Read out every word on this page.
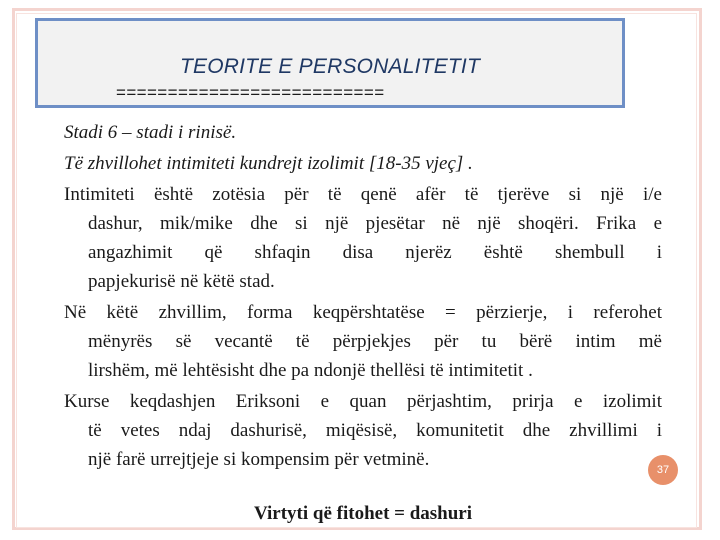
TEORITE E PERSONALITETIT
==========================
Stadi 6 – stadi i rinisë.
Të zhvillohet intimiteti kundrejt izolimit [18-35 vjeç] .
Intimiteti është zotësia për të qenë afër të tjerëve si një i/e
dashur, mik/mike dhe si një pjesëtar në një shoqëri. Frika e
angazhimit që shfaqin disa njerëz është shembull i
papjekurisë në këtë stad.
Në këtë zhvillim, forma keqpërshtatëse = përzierje, i referohet
mënyrës së vecantë të përpjekjes për tu bërë intim më
lirshëm, më lehtësisht dhe pa ndonjë thellësi të intimitetit .
Kurse keqdashjen Eriksoni e quan përjashtim, prirja e izolimit
të vetes ndaj dashurisë, miqësisë, komunitetit dhe zhvillimi i
një farë urrejtjeje si kompensim për vetminë.
Virtyti që fitohet = dashuri
37
